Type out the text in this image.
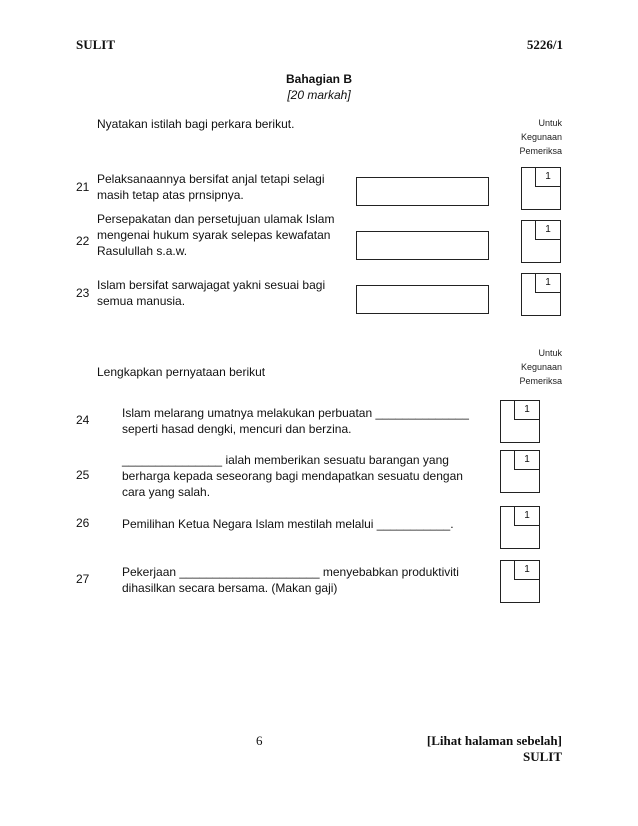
SULIT	5226/1
Bahagian B
[20 markah]
Nyatakan istilah bagi perkara berikut.	Untuk
Kegunaan
Pemeriksa
21
Pelaksanaannya bersifat anjal tetapi selagi
masih tetap atas prnsipnya.
1
22
Persepakatan dan persetujuan ulamak Islam
mengenai hukum syarak selepas kewafatan
Rasulullah s.a.w.
1
23
Islam bersifat sarwajagat yakni sesuai bagi
semua manusia.
1
Lengkapkan pernyataan berikut
Untuk
Kegunaan
Pemeriksa
24	Islam melarang umatnya melakukan perbuatan ______________
seperti hasad dengki, mencuri dan berzina.
1
25
_______________ ialah memberikan sesuatu barangan yang
berharga kepada seseorang bagi mendapatkan sesuatu dengan
cara yang salah.
1
26	Pemilihan Ketua Negara Islam mestilah melalui ___________.
1
27	Pekerjaan _____________________ menyebabkan produktiviti
dihasilkan secara bersama. (Makan gaji)
1
6	[Lihat halaman sebelah]
SULIT
